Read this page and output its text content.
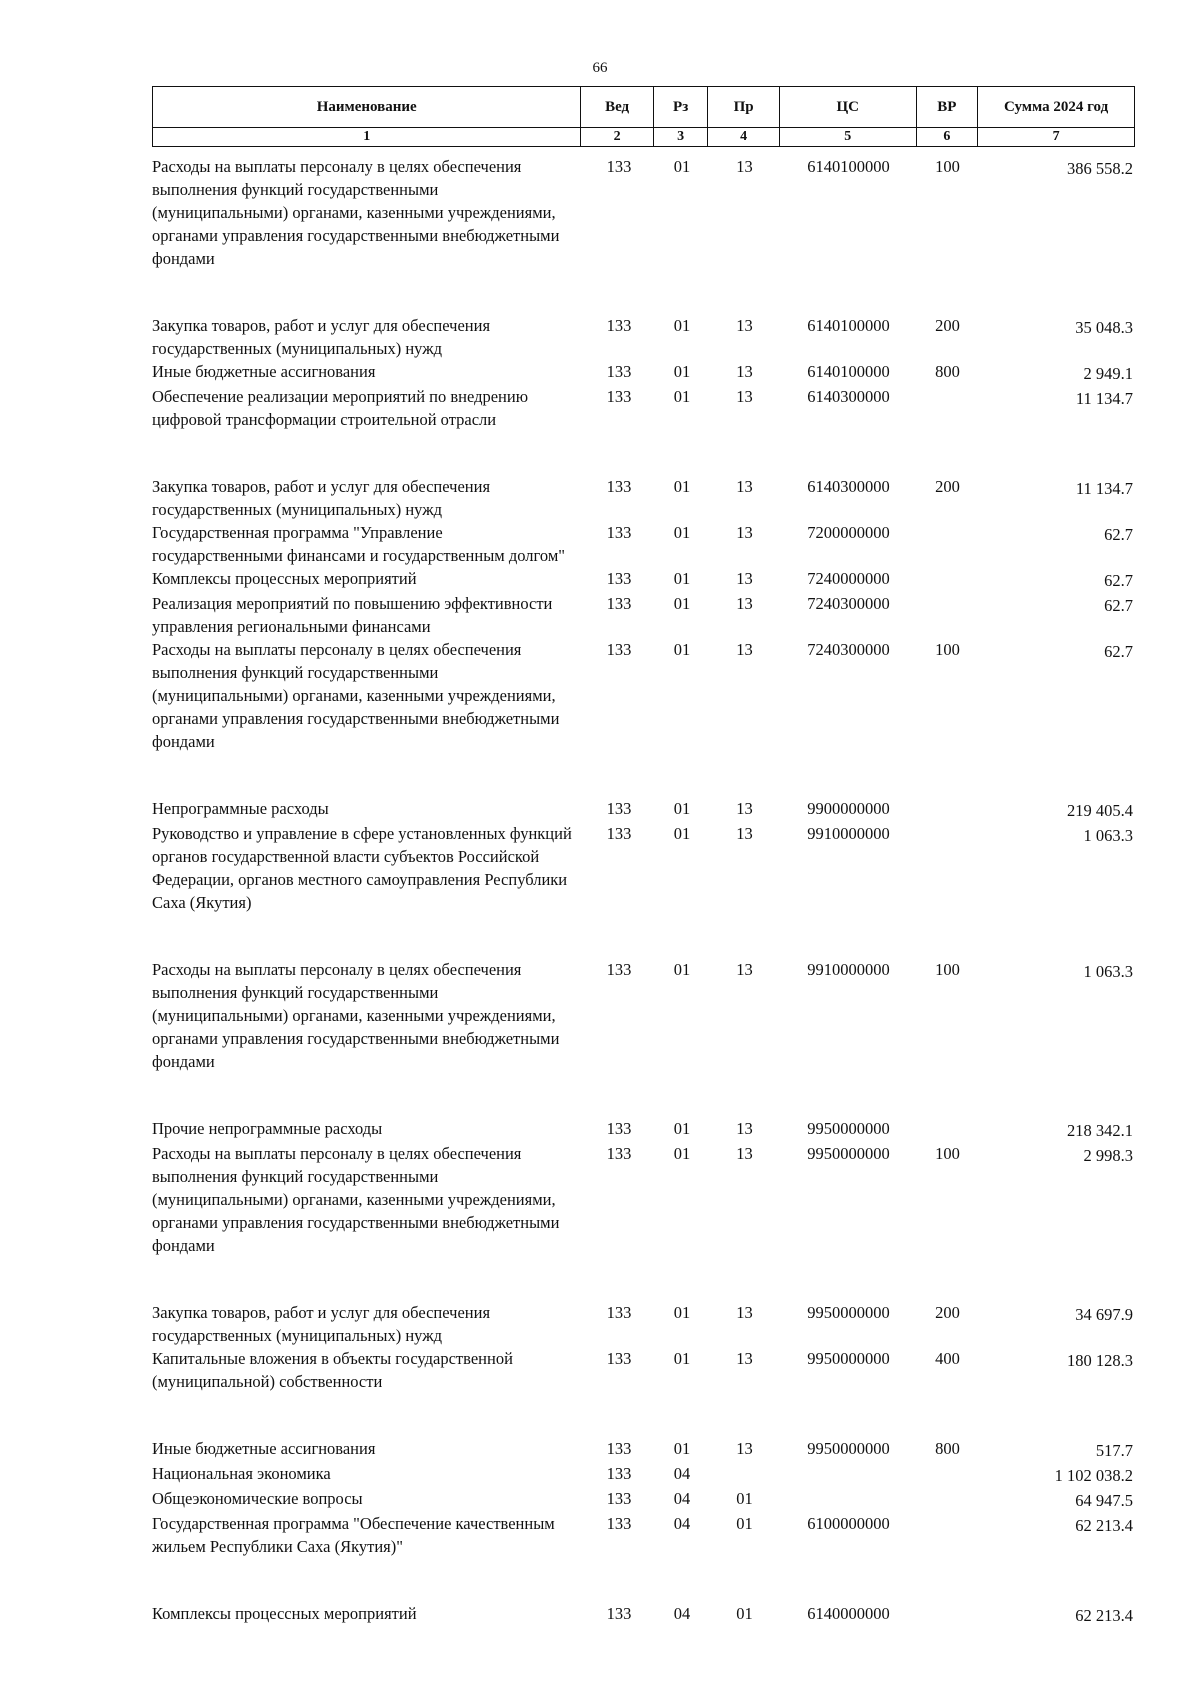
66
Наименование	Вед	Рз	Пр	ЦС	ВР	Сумма 2024 год
1	2	3	4	5	6	7
Расходы на выплаты персоналу в целях обеспечения выполнения функций государственными (муниципальными) органами, казенными учреждениями, органами управления государственными внебюджетными фондами	133	01	13	6140100000	100	386 558.2
Закупка товаров, работ и услуг для обеспечения государственных (муниципальных) нужд	133	01	13	6140100000	200	35 048.3
Иные бюджетные ассигнования	133	01	13	6140100000	800	2 949.1
Обеспечение реализации мероприятий по внедрению цифровой трансформации строительной отрасли	133	01	13	6140300000		11 134.7
Закупка товаров, работ и услуг для обеспечения государственных (муниципальных) нужд	133	01	13	6140300000	200	11 134.7
Государственная программа "Управление государственными финансами и государственным долгом"	133	01	13	7200000000		62.7
Комплексы процессных мероприятий	133	01	13	7240000000		62.7
Реализация мероприятий по повышению эффективности управления региональными финансами	133	01	13	7240300000		62.7
Расходы на выплаты персоналу в целях обеспечения выполнения функций государственными (муниципальными) органами, казенными учреждениями, органами управления государственными внебюджетными фондами	133	01	13	7240300000	100	62.7
Непрограммные расходы	133	01	13	9900000000		219 405.4
Руководство и управление в сфере установленных функций органов государственной власти субъектов Российской Федерации, органов местного самоуправления Республики Саха (Якутия)	133	01	13	9910000000		1 063.3
Расходы на выплаты персоналу в целях обеспечения выполнения функций государственными (муниципальными) органами, казенными учреждениями, органами управления государственными внебюджетными фондами	133	01	13	9910000000	100	1 063.3
Прочие непрограммные расходы	133	01	13	9950000000		218 342.1
Расходы на выплаты персоналу в целях обеспечения выполнения функций государственными (муниципальными) органами, казенными учреждениями, органами управления государственными внебюджетными фондами	133	01	13	9950000000	100	2 998.3
Закупка товаров, работ и услуг для обеспечения государственных (муниципальных) нужд	133	01	13	9950000000	200	34 697.9
Капитальные вложения в объекты государственной (муниципальной) собственности	133	01	13	9950000000	400	180 128.3
Иные бюджетные ассигнования	133	01	13	9950000000	800	517.7
Национальная экономика	133	04				1 102 038.2
Общеэкономические вопросы	133	04	01			64 947.5
Государственная программа "Обеспечение качественным жильем Республики Саха (Якутия)"	133	04	01	6100000000		62 213.4
Комплексы процессных мероприятий	133	04	01	6140000000		62 213.4
